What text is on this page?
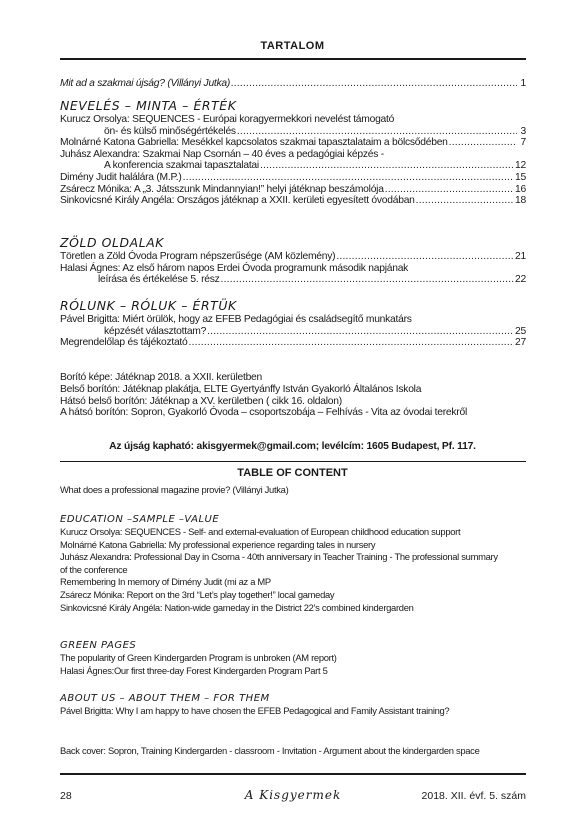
TARTALOM
Mit ad a szakmai újság? (Villányi Jutka) .....	1
NEVELÉS – MINTA – ÉRTÉK
Kurucz Orsolya: SEQUENCES - Európai koragyermekkori nevelést támogató
ön- és külső minőségértékelés .....	3
Molnárné Katona Gabriella: Mesékkel kapcsolatos szakmai tapasztalataim a bölcsődében .....	7
Juhász Alexandra: Szakmai Nap Csornán – 40 éves a pedagógiai képzés -
A konferencia szakmai tapasztalatai .....	12
Dimény Judit halálára (M.P.) .....	15
Zsárecz Mónika: A „3. Játsszunk Mindannyian!” helyi játéknap beszámolója .....	16
Sinkovicsné Király Angéla: Országos játéknap a XXII. kerületi egyesített óvodában .....	18
ZÖLD OLDALAK
Töretlen a Zöld Óvoda Program népszerűsége (AM közlemény) .....	21
Halasi Ágnes: Az első három napos Erdei Óvoda programunk második napjának
leírása és értékelése 5. rész .....	22
RÓLUNK – RÓLUK – ÉRTÜK
Pável Brigitta: Miért örülök, hogy az EFEB Pedagógiai és családsegítő munkatárs
képzését választottam? .....	25
Megrendelőlap és tájékoztató .....	27
Borító képe: Játéknap 2018. a XXII. kerületben
Belső borítón: Játéknap plakátja, ELTE Gyertyánffy István Gyakorló Általános Iskola
Hátsó belső borítón: Játéknap a XV. kerületben ( cikk 16. oldalon)
A hátsó borítón: Sopron, Gyakorló Óvoda – csoportszobája – Felhívás - Vita az óvodai terekről
Az újság kapható: akisgyermek@gmail.com; levélcím: 1605 Budapest, Pf. 117.
TABLE OF CONTENT
What does a professional magazine provie? (Villányi Jutka)
EDUCATION –SAMPLE –VALUE
Kurucz Orsolya: SEQUENCES - Self- and external-evaluation of European childhood education support
Molnárné Katona Gabriella: My professional experience regarding tales in nursery
Juhász Alexandra: Professional Day in Csorna - 40th anniversary in Teacher Training - The professional summary
of the conference
Remembering In memory of Dimény Judit (mi az a MP
Zsárecz Mónika: Report on the 3rd “Let’s play together!” local gameday
Sinkovicsné Király Angéla: Nation-wide gameday in the District 22’s combined kindergarden
GREEN PAGES
The popularity of Green Kindergarden Program is unbroken (AM report)
Halasi Ágnes:Our first three-day Forest Kindergarden Program Part 5
ABOUT US – ABOUT THEM – FOR THEM
Pável Brigitta: Why I am happy to have chosen the EFEB Pedagogical and Family Assistant training?
Back cover: Sopron, Training Kindergarden - classroom - Invitation - Argument about the kindergarden space
28	A Kisgyermek	2018. XII. évf. 5. szám
